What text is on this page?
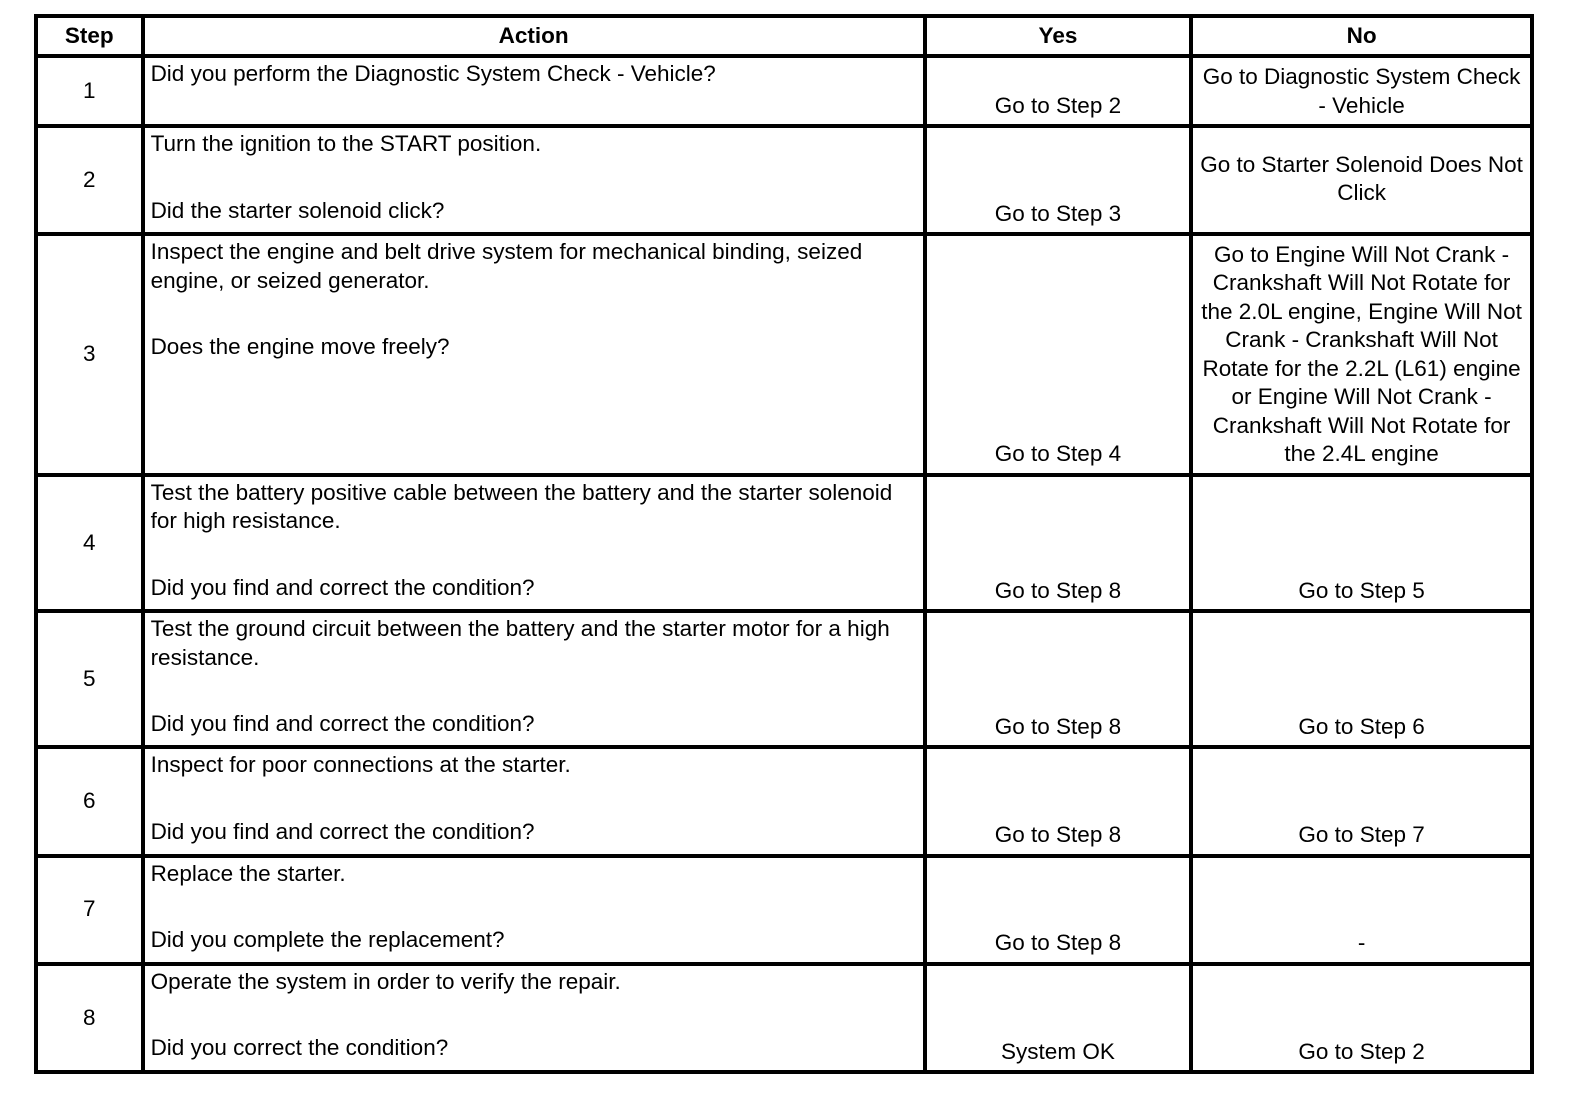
Step	Action	Yes	No
1	Did you perform the Diagnostic System Check - Vehicle?	Go to Step 2	Go to Diagnostic System Check - Vehicle
2	Turn the ignition to the START position.
Did the starter solenoid click?	Go to Step 3	Go to Starter Solenoid Does Not Click
3	Inspect the engine and belt drive system for mechanical binding, seized engine, or seized generator.
Does the engine move freely?	Go to Step 4	Go to Engine Will Not Crank - Crankshaft Will Not Rotate for the 2.0L engine, Engine Will Not Crank - Crankshaft Will Not Rotate for the 2.2L (L61) engine or Engine Will Not Crank - Crankshaft Will Not Rotate for the 2.4L engine
4	Test the battery positive cable between the battery and the starter solenoid for high resistance.
Did you find and correct the condition?	Go to Step 8	Go to Step 5
5	Test the ground circuit between the battery and the starter motor for a high resistance.
Did you find and correct the condition?	Go to Step 8	Go to Step 6
6	Inspect for poor connections at the starter.
Did you find and correct the condition?	Go to Step 8	Go to Step 7
7	Replace the starter.
Did you complete the replacement?	Go to Step 8	-
8	Operate the system in order to verify the repair.
Did you correct the condition?	System OK	Go to Step 2
